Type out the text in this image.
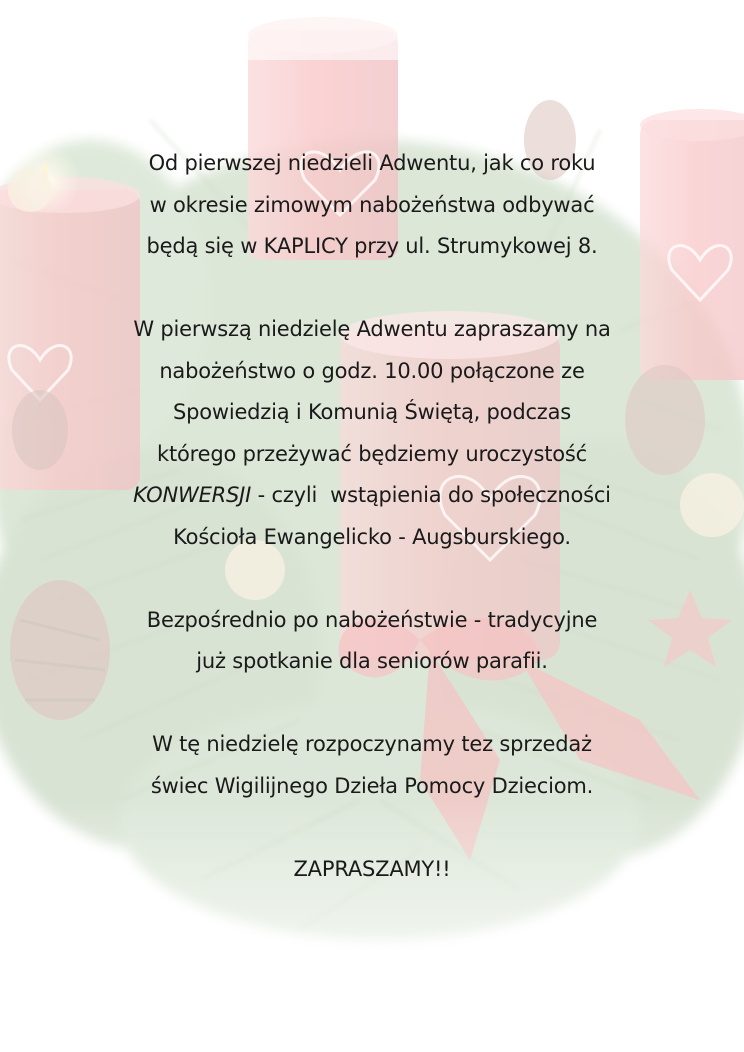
Od pierwszej niedzieli Adwentu, jak co roku
w okresie zimowym nabożeństwa odbywać
będą się w KAPLICY przy ul. Strumykowej 8.
W pierwszą niedzielę Adwentu zapraszamy na
nabożeństwo o godz. 10.00 połączone ze
Spowiedzią i Komunią Świętą, podczas
którego przeżywać będziemy uroczystość
KONWERSJI - czyli  wstąpienia do społeczności
Kościoła Ewangelicko - Augsburskiego.
Bezpośrednio po nabożeństwie - tradycyjne
już spotkanie dla seniorów parafii.
W tę niedzielę rozpoczynamy tez sprzedaż
świec Wigilijnego Dzieła Pomocy Dzieciom.
ZAPRASZAMY!!
